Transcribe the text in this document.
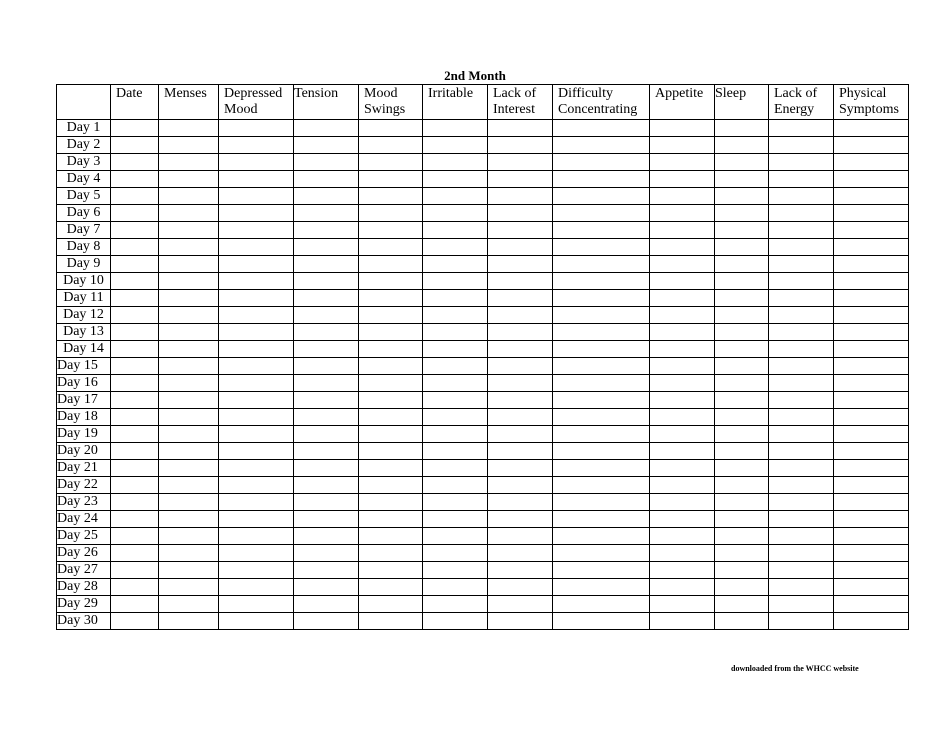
2nd Month
	Date	Menses	Depressed Mood	Tension	Mood Swings	Irritable	Lack of Interest	Difficulty Concentrating	Appetite	Sleep	Lack of Energy	Physical Symptoms
Day 1												
Day 2												
Day 3												
Day 4												
Day 5												
Day 6												
Day 7												
Day 8												
Day 9												
Day 10												
Day 11												
Day 12												
Day 13												
Day 14												
Day 15												
Day 16												
Day 17												
Day 18												
Day 19												
Day 20												
Day 21												
Day 22												
Day 23												
Day 24												
Day 25												
Day 26												
Day 27												
Day 28												
Day 29												
Day 30												
downloaded from the WHCC website
